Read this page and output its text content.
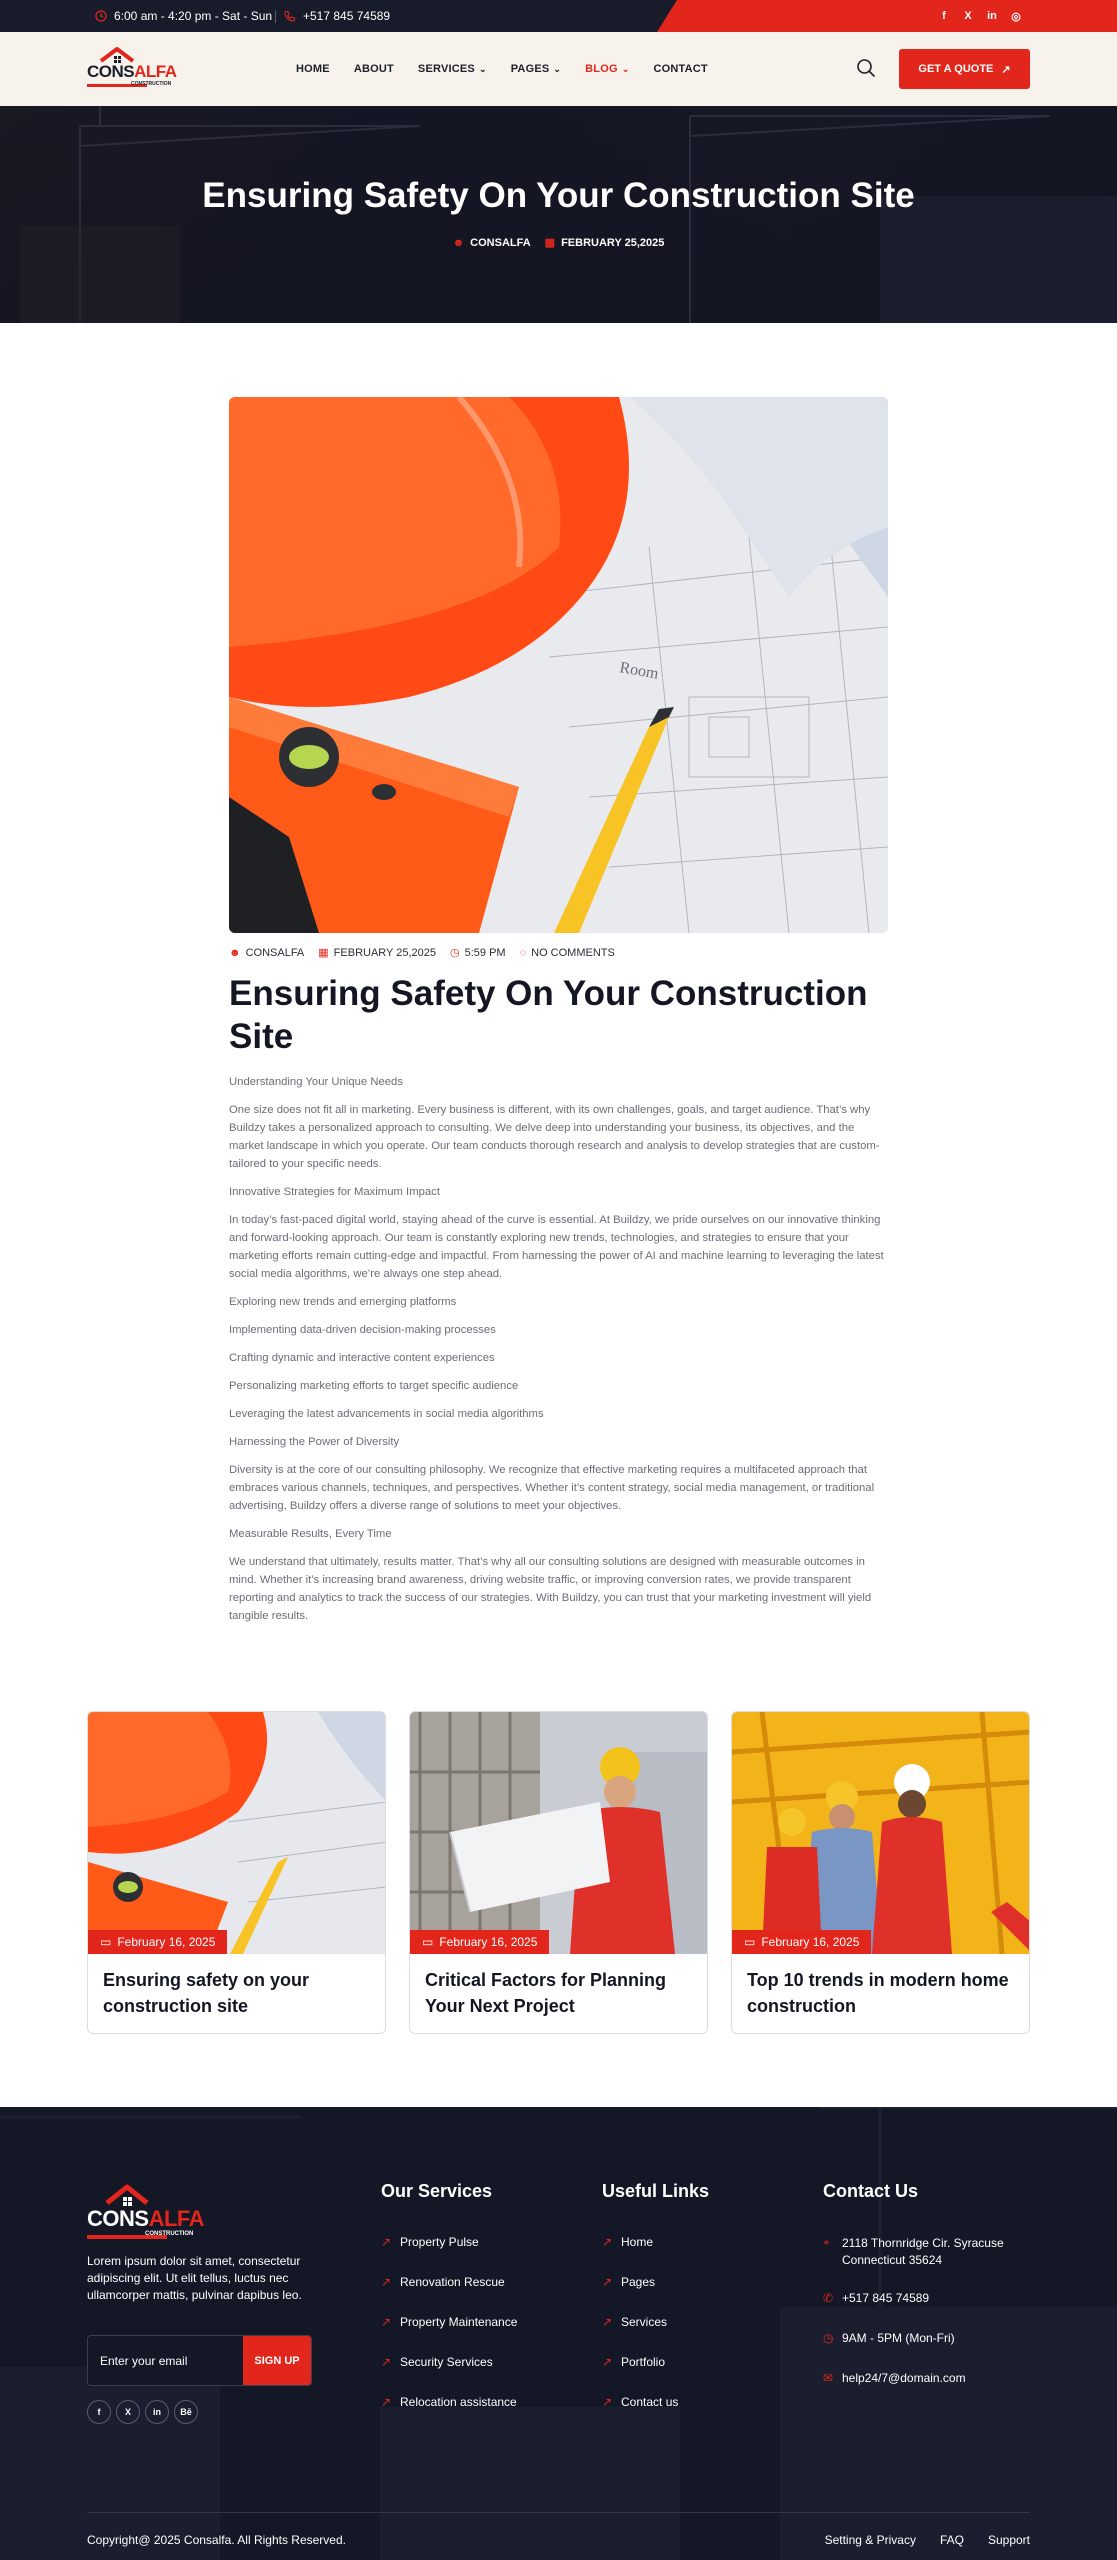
6:00 am - 4:20 pm - Sat - Sun	+517 845 74589	f	X	in ◎
CONSALFA
CONSTRUCTION
HOME ABOUT SERVICES ⌄ PAGES ⌄ BLOG ⌄ CONTACT	GET A QUOTE ↗
Ensuring Safety On Your Construction Site
☻ CONSALFA ▦ FEBRUARY 25,2025
Room
☻ CONSALFA ▦ FEBRUARY 25,2025 ◷ 5:59 PM ◌ NO COMMENTS
Ensuring Safety On Your Construction Site

Understanding Your Unique Needs

One size does not fit all in marketing. Every business is different, with its own challenges, goals, and target audience. That’s why Buildzy takes a personalized approach to consulting. We delve deep into understanding your business, its objectives, and the market landscape in which you operate. Our team conducts thorough research and analysis to develop strategies that are custom-tailored to your specific needs.

Innovative Strategies for Maximum Impact

In today’s fast-paced digital world, staying ahead of the curve is essential. At Buildzy, we pride ourselves on our innovative thinking and forward-looking approach. Our team is constantly exploring new trends, technologies, and strategies to ensure that your marketing efforts remain cutting-edge and impactful. From harnessing the power of AI and machine learning to leveraging the latest social media algorithms, we’re always one step ahead.

Exploring new trends and emerging platforms

Implementing data-driven decision-making processes

Crafting dynamic and interactive content experiences

Personalizing marketing efforts to target specific audience

Leveraging the latest advancements in social media algorithms

Harnessing the Power of Diversity

Diversity is at the core of our consulting philosophy. We recognize that effective marketing requires a multifaceted approach that embraces various channels, techniques, and perspectives. Whether it’s content strategy, social media management, or traditional advertising, Buildzy offers a diverse range of solutions to meet your objectives.

Measurable Results, Every Time

We understand that ultimately, results matter. That’s why all our consulting solutions are designed with measurable outcomes in mind. Whether it’s increasing brand awareness, driving website traffic, or improving conversion rates, we provide transparent reporting and analytics to track the success of our strategies. With Buildzy, you can trust that your marketing investment will yield tangible results.

▭ February 16, 2025
Ensuring safety on your construction site
▭ February 16, 2025
Critical Factors for Planning Your Next Project
▭ February 16, 2025
Top 10 trends in modern home construction
CONSALFA
CONSTRUCTION
Lorem ipsum dolor sit amet, consectetur adipiscing elit. Ut elit tellus, luctus nec ullamcorper mattis, pulvinar dapibus leo.
Enter your email	SIGN UP
f	X	in	Bē
Our Services
↗ Property Pulse
↗ Renovation Rescue
↗ Property Maintenance
↗ Security Services
↗ Relocation assistance
Useful Links
↗ Home
↗ Pages
↗ Services
↗ Portfolio
↗ Contact us
Contact Us
⌖ 2118 Thornridge Cir. Syracuse
Connecticut 35624
✆ +517 845 74589
◷ 9AM - 5PM (Mon-Fri)
✉ help24/7@domain.com
Copyright@ 2025 Consalfa. All Rights Reserved.	Setting & Privacy FAQ Support
